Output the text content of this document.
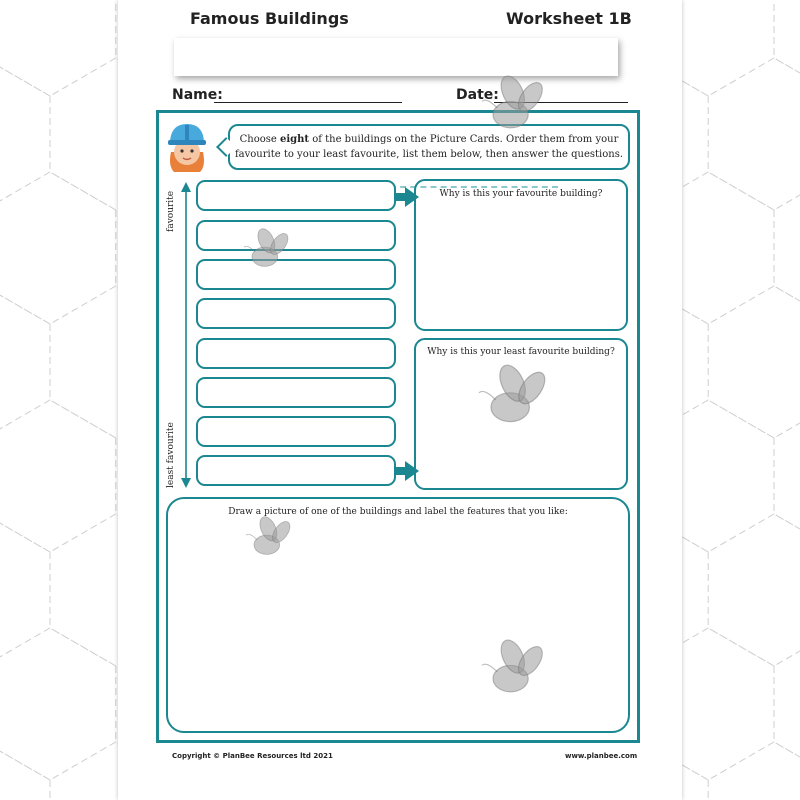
Famous Buildings	Worksheet 1B
Name:	Date:
Choose eight of the buildings on the Picture Cards. Order them from your
favourite to your least favourite, list them below, then answer the questions.
favourite
least favourite
Why is this your favourite building?
Why is this your least favourite building?
Draw a picture of one of the buildings and label the features that you like:
Copyright © PlanBee Resources ltd 2021	www.planbee.com
